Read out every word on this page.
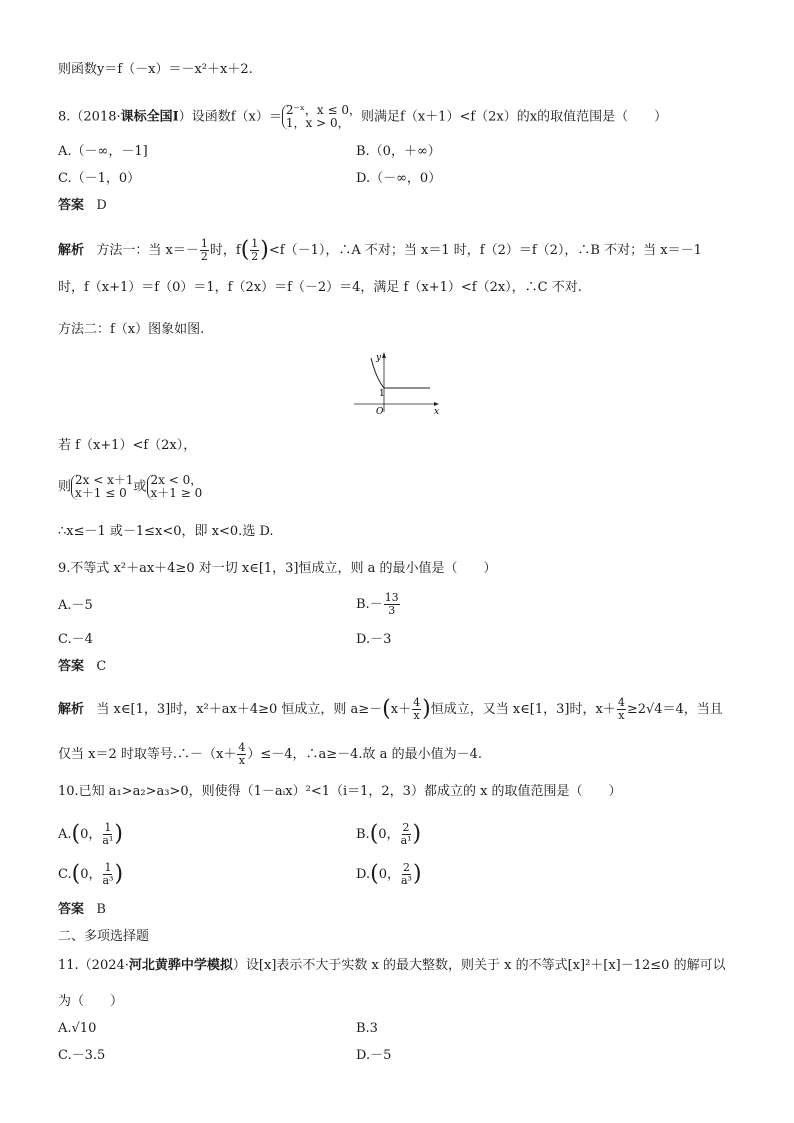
则函数y＝f（－x）＝－x²＋x＋2.
8.（2018·课标全国Ⅰ）设函数f（x）＝ 2⁻ˣ，x ≤ 0，
1，x > 0， 则满足f（x＋1）<f（2x）的x的取值范围是（　　）
A.（－∞，－1]	B.（0，＋∞）
C.（－1，0）	D.（－∞，0）
答案 D
解析 方法一：当 $x=- \frac{1}{2}$ 时，$f( \frac{1}{2} )<f(-1)$，∴A 不对；当 x＝1 时，f（2）＝f（2），∴B 不对；当 x＝－1
时，f（x+1）＝f（0）＝1，f（2x）＝f（－2）＝4，满足 f（x+1）<f（2x），∴C 不对.
方法二：f（x）图象如图.
y
x
O
1
若 f（x+1）<f（2x），
则 2x < x＋1
x＋1 ≤ 0 或 2x < 0，
x＋1 ≥ 0
∴x≤－1 或－1≤x<0，即 x<0.选 D.
9.不等式 x²＋ax＋4≥0 对一切 x∈[1，3]恒成立，则 a 的最小值是（　　）
A.－5	$B.- \frac{13}{3}$
C.－4	D.－3
答案 C
解析 当 x∈[1，3]时，x²＋ax＋4≥0 恒成立，则 $a\ge-(x+ \frac{4}{x}$ )恒成立，又当 x∈[1，3]时，$x+ \frac{4}{x} \ge 2√4=4$，当且
仅当 x＝2 时取等号.∴－（x＋ $\frac{4}{x} )\le-4$，∴a≥－4.故 a 的最小值为－4.
10.已知 a₁>a₂>a₃>0，则使得（1－aᵢx）²<1（i＝1，2，3）都成立的 x 的取值范围是（　　）
A.(0， $\frac{1}{\text{a¹}}$ )	B.(0， $\frac{2}{\text{a¹}}$ )
C.(0， $\frac{1}{\text{a³}}$ )	D.(0， $\frac{2}{\text{a³}}$ )
答案 B
二、多项选择题
11.（2024·河北黄骅中学模拟）设[x]表示不大于实数 x 的最大整数，则关于 x 的不等式[x]²＋[x]－12≤0 的解可以
为（　　）
A.√10	B.3
C.－3.5	D.－5
